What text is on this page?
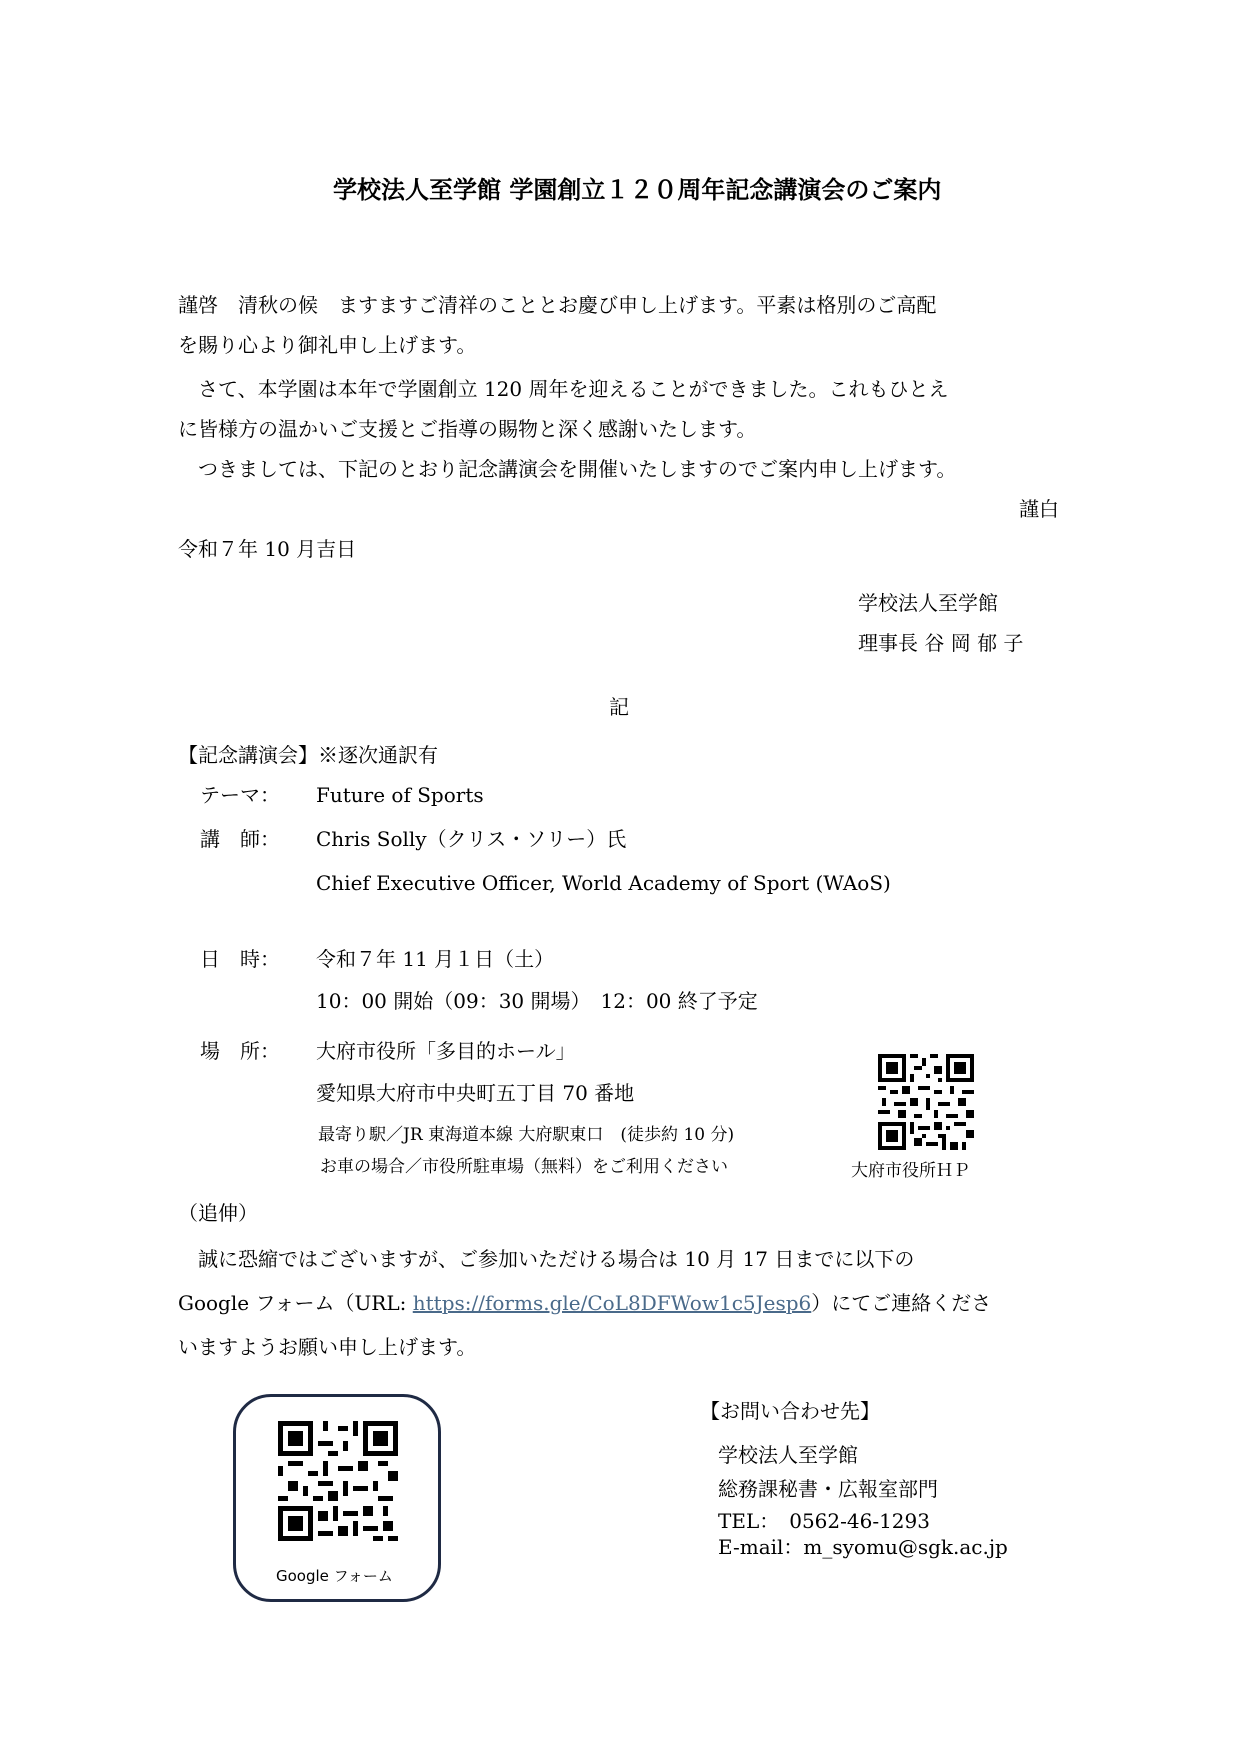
学校法人至学館 学園創立１２０周年記念講演会のご案内
謹啓　清秋の候　ますますご清祥のこととお慶び申し上げます。平素は格別のご高配
を賜り心より御礼申し上げます。
　さて、本学園は本年で学園創立 120 周年を迎えることができました。これもひとえ
に皆様方の温かいご支援とご指導の賜物と深く感謝いたします。
　つきましては、下記のとおり記念講演会を開催いたしますのでご案内申し上げます。
謹白
令和７年 10 月吉日
学校法人至学館
理事長 谷 岡 郁 子
記
【記念講演会】※逐次通訳有
テーマ： Future of Sports
講　師： Chris Solly（クリス・ソリー）氏
Chief Executive Officer, World Academy of Sport (WAoS)
日　時： 令和７年 11 月１日（土）
10：00 開始（09：30 開場）　12：00 終了予定
場　所： 大府市役所「多目的ホール」
愛知県大府市中央町五丁目 70 番地
最寄り駅／JR 東海道本線 大府駅東口　(徒歩約 10 分)
お車の場合／市役所駐車場（無料）をご利用ください	大府市役所ＨＰ
（追伸）
　誠に恐縮ではございますが、ご参加いただける場合は 10 月 17 日までに以下の
Google フォーム（URL: https://forms.gle/CoL8DFWow1c5Jesp6）にてご連絡くださ
いますようお願い申し上げます。
Google フォーム
【お問い合わせ先】
学校法人至学館
総務課秘書・広報室部門
TEL：　0562-46-1293
E-mail：m_syomu@sgk.ac.jp
